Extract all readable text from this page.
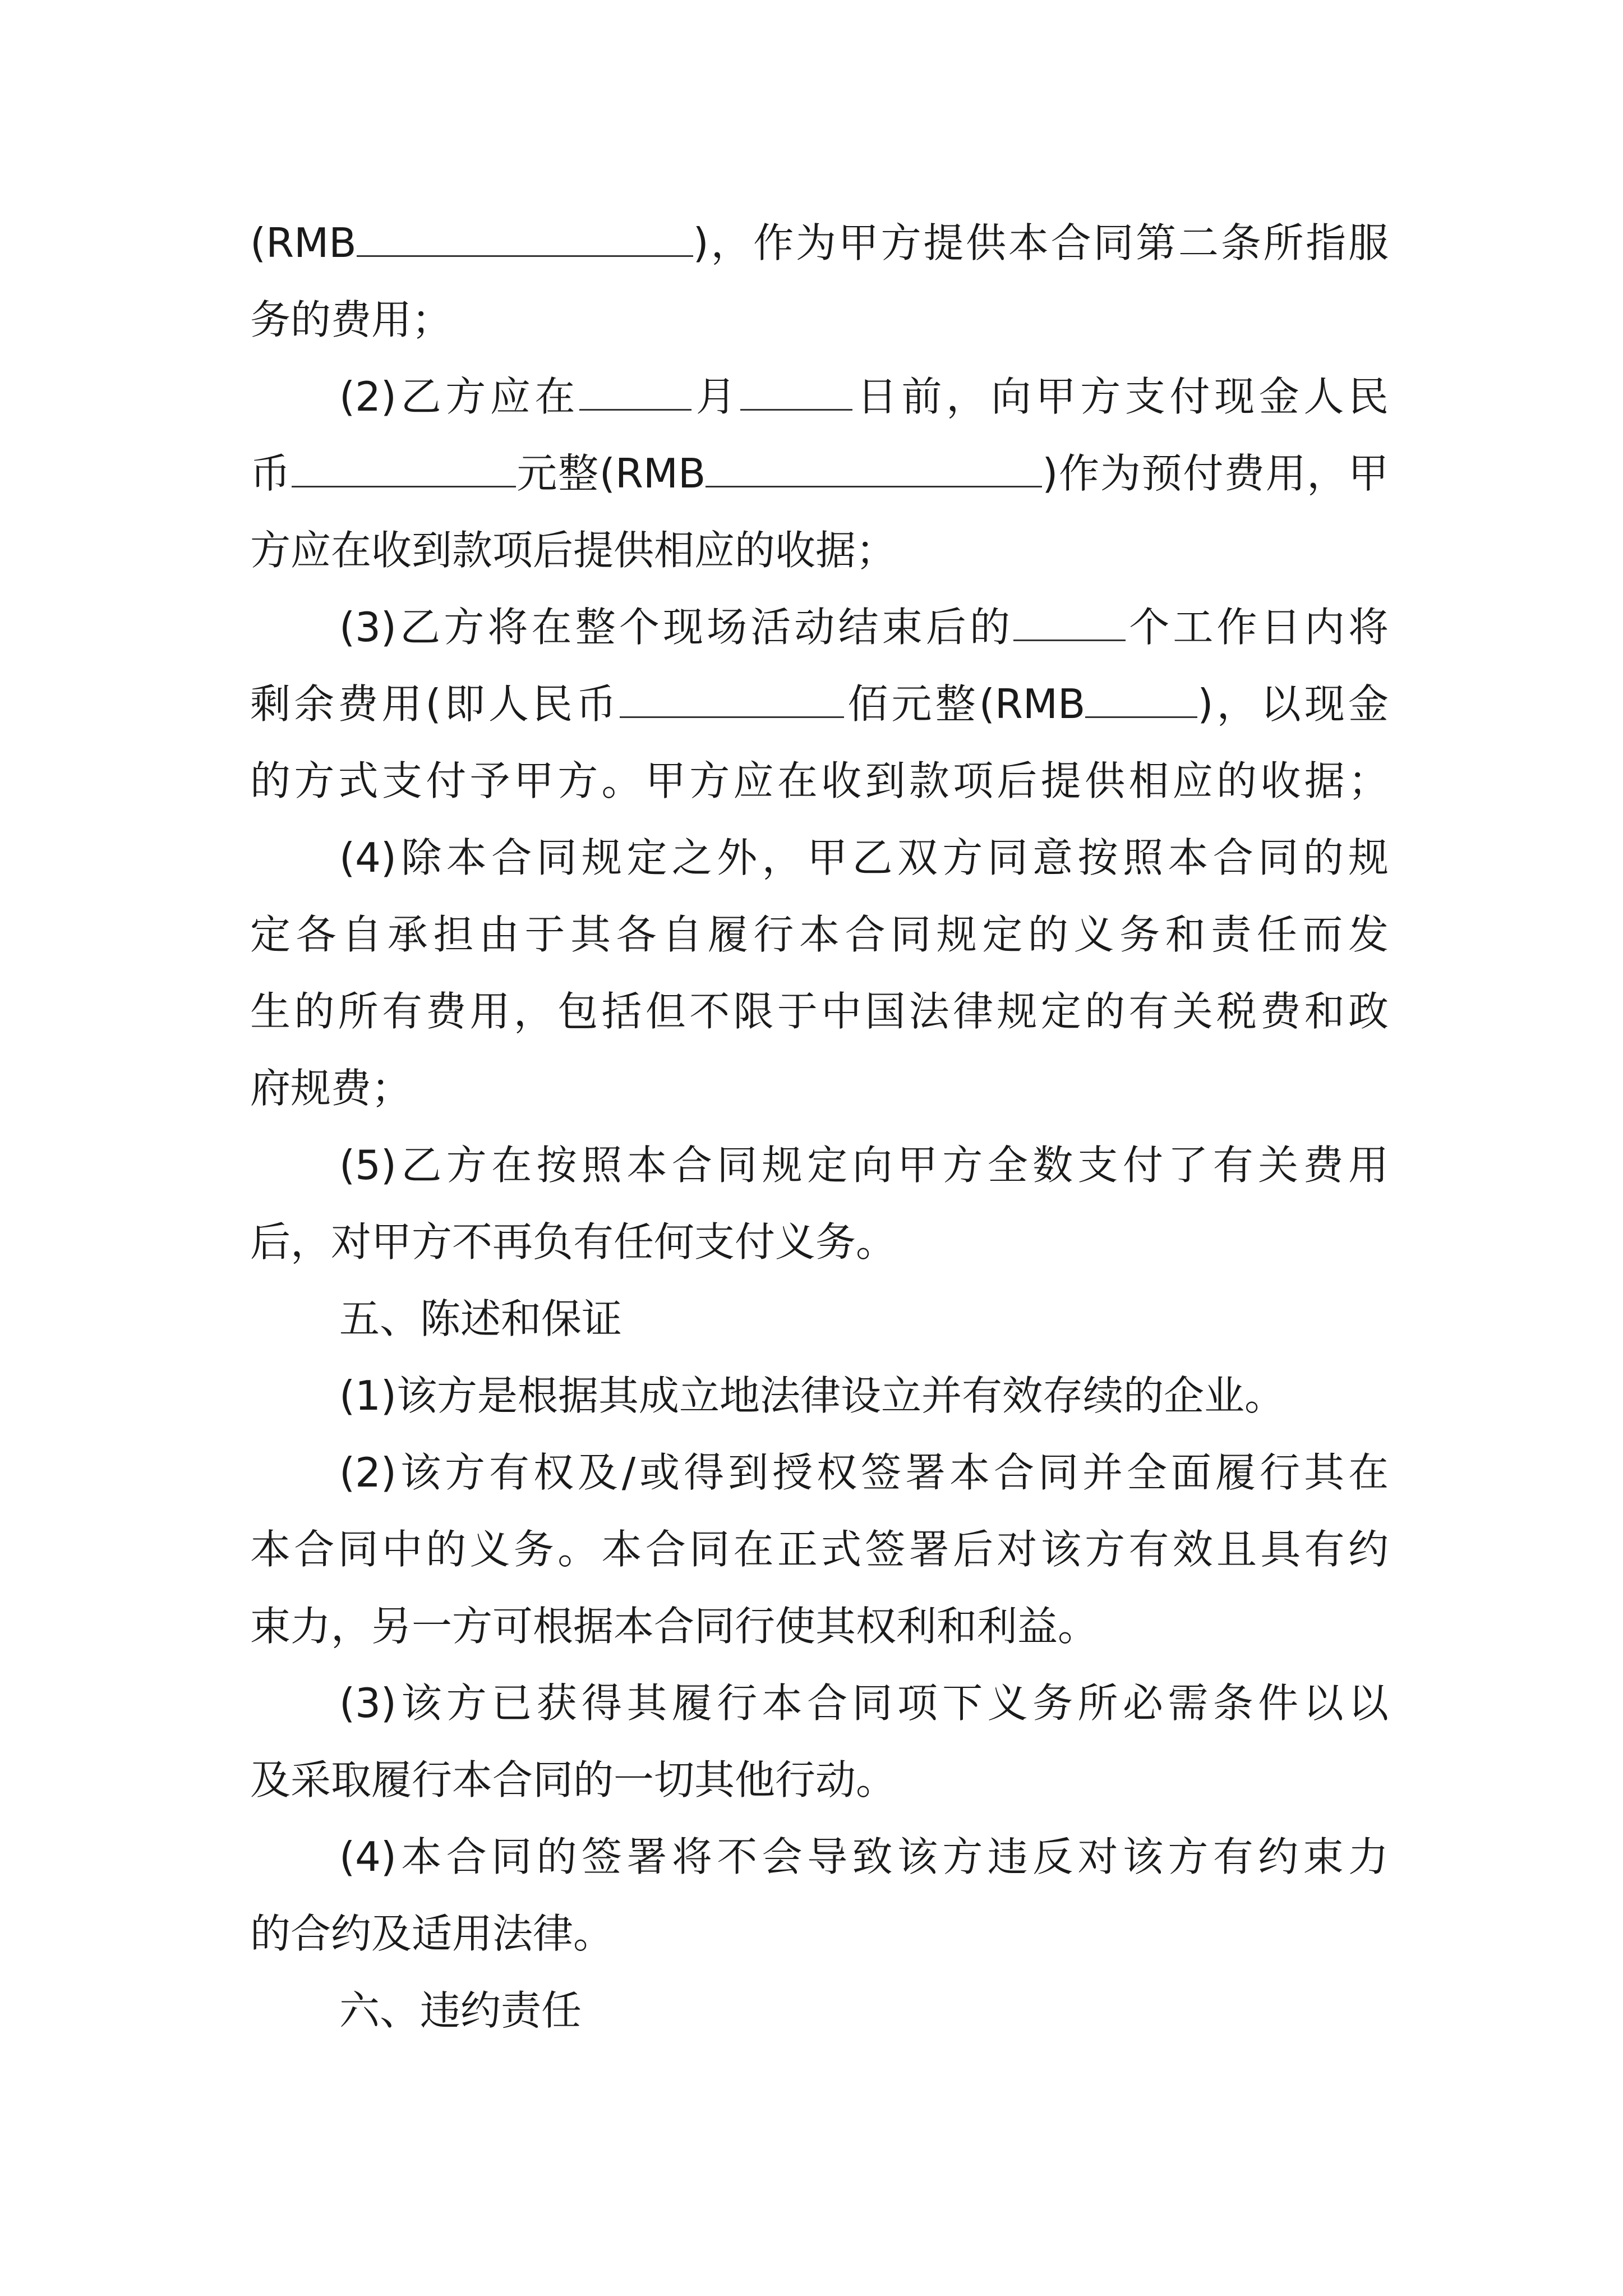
(RMB	)，作为甲方提供本合同第二条所指服
务的费用；
(2)乙方应在	月	日前，向甲方支付现金人民
币	元整(RMB	)作为预付费用，甲
方应在收到款项后提供相应的收据；
(3)乙方将在整个现场活动结束后的	个工作日内将
剩余费用(即人民币	佰元整(RMB	)，以现金
的方式支付予甲方。甲方应在收到款项后提供相应的收据；
(4)除本合同规定之外，甲乙双方同意按照本合同的规
定各自承担由于其各自履行本合同规定的义务和责任而发
生的所有费用，包括但不限于中国法律规定的有关税费和政
府规费；
(5)乙方在按照本合同规定向甲方全数支付了有关费用
后，对甲方不再负有任何支付义务。
五、陈述和保证
(1)该方是根据其成立地法律设立并有效存续的企业。
(2)该方有权及/或得到授权签署本合同并全面履行其在
本合同中的义务。本合同在正式签署后对该方有效且具有约
束力，另一方可根据本合同行使其权利和利益。
(3)该方已获得其履行本合同项下义务所必需条件以以
及采取履行本合同的一切其他行动。
(4)本合同的签署将不会导致该方违反对该方有约束力
的合约及适用法律。
六、违约责任
